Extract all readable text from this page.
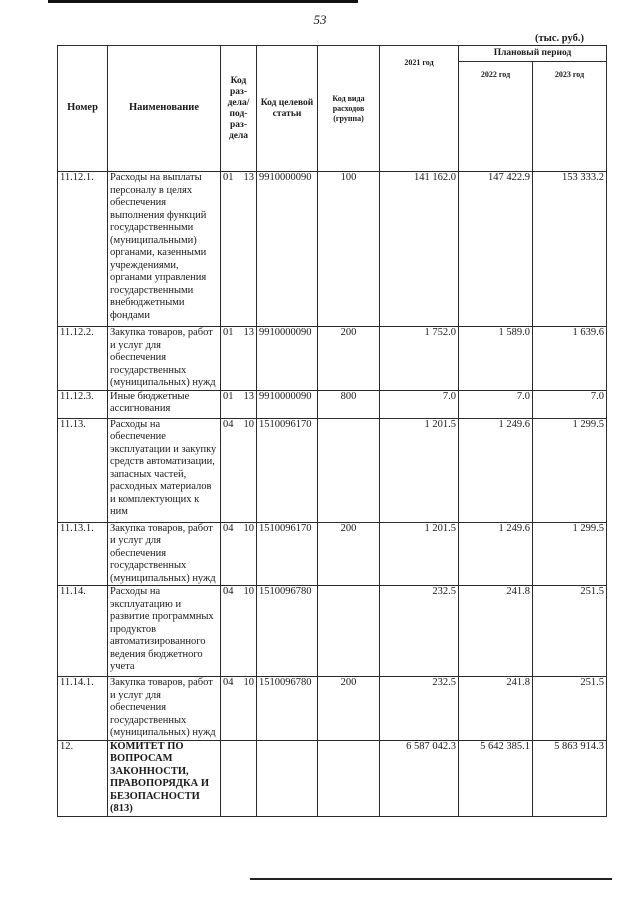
53
(тыс. руб.)
Номер	Наименование	Код раз-дела/под-раз-дела	Код целевой статьи	Код вида расходов (группа)	2021 год	Плановый период	
						2022 год	2023 год
11.12.1.	Расходы на выплаты персоналу в целях обеспечения выполнения функций государственными (муниципальными) органами, казенными учреждениями, органами управления государственными внебюджетными фондами	01 13	9910000090	100	141 162.0	147 422.9	153 333.2
11.12.2.	Закупка товаров, работ и услуг для обеспечения государственных (муниципальных) нужд	01 13	9910000090	200	1 752.0	1 589.0	1 639.6
11.12.3.	Иные бюджетные ассигнования	01 13	9910000090	800	7.0	7.0	7.0
11.13.	Расходы на обеспечение эксплуатации и закупку средств автоматизации, запасных частей, расходных материалов и комплектующих к ним	04 10	1510096170		1 201.5	1 249.6	1 299.5
11.13.1.	Закупка товаров, работ и услуг для обеспечения государственных (муниципальных) нужд	04 10	1510096170	200	1 201.5	1 249.6	1 299.5
11.14.	Расходы на эксплуатацию и развитие программных продуктов автоматизированного ведения бюджетного учета	04 10	1510096780		232.5	241.8	251.5
11.14.1.	Закупка товаров, работ и услуг для обеспечения государственных (муниципальных) нужд	04 10	1510096780	200	232.5	241.8	251.5
12.	КОМИТЕТ ПО ВОПРОСАМ ЗАКОННОСТИ, ПРАВОПОРЯДКА И БЕЗОПАСНОСТИ (813)				6 587 042.3	5 642 385.1	5 863 914.3
